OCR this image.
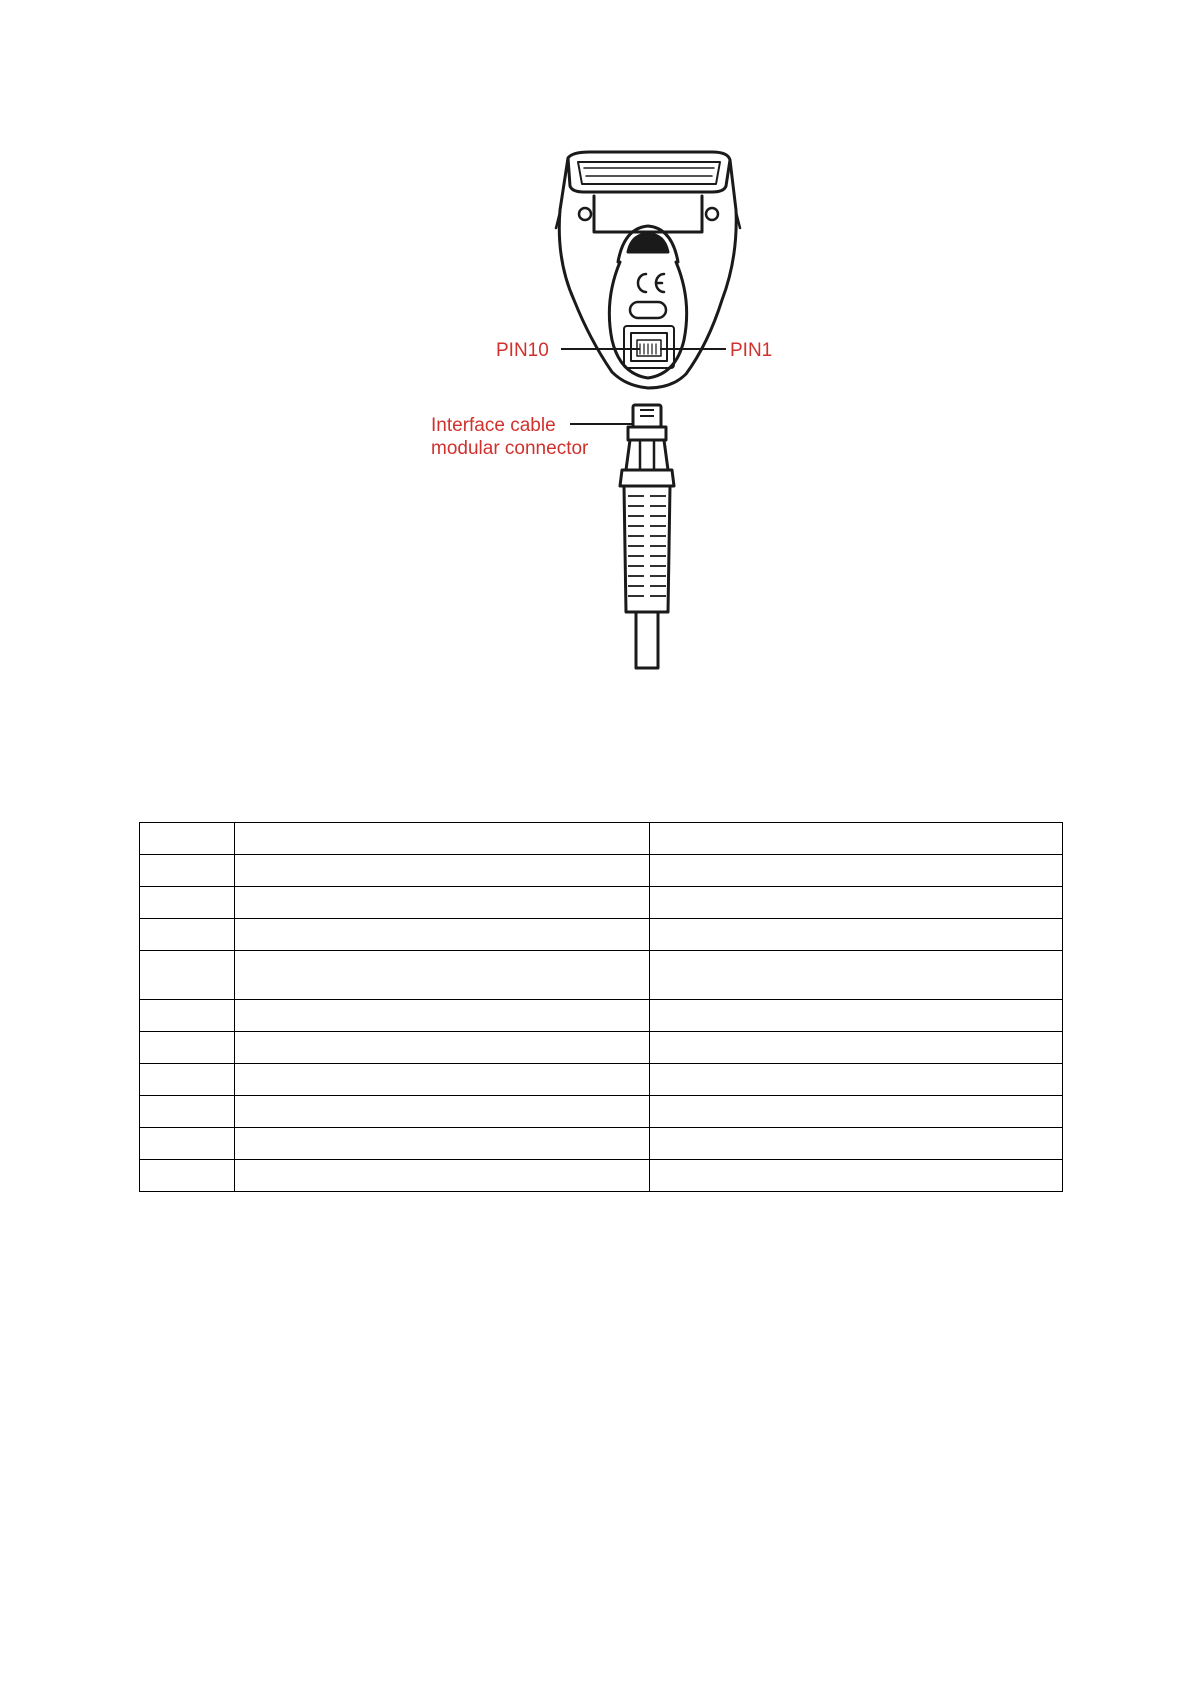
PIN10	PIN1
Interface cable
modular connector
